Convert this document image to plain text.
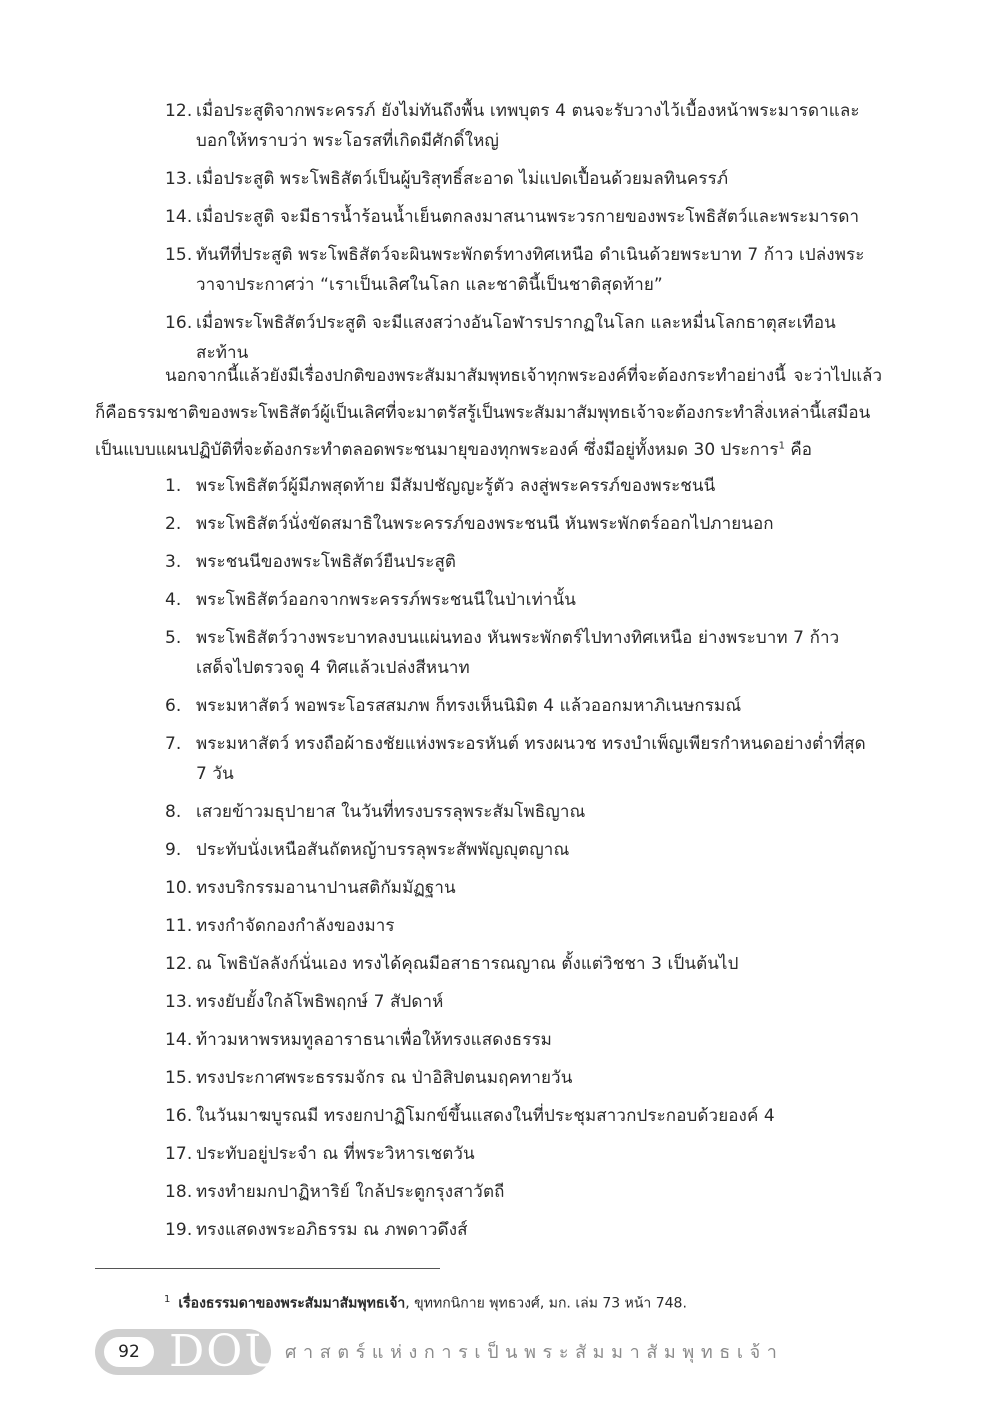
12. เมื่อประสูติจากพระครรภ์ ยังไม่ทันถึงพื้น เทพบุตร 4 ตนจะรับวางไว้เบื้องหน้าพระมารดาและบอกให้ทราบว่า พระโอรสที่เกิดมีศักดิ์ใหญ่
13. เมื่อประสูติ พระโพธิสัตว์เป็นผู้บริสุทธิ์สะอาด ไม่แปดเปื้อนด้วยมลทินครรภ์
14. เมื่อประสูติ จะมีธารน้ำร้อนน้ำเย็นตกลงมาสนานพระวรกายของพระโพธิสัตว์และพระมารดา
15. ทันทีที่ประสูติ พระโพธิสัตว์จะผินพระพักตร์ทางทิศเหนือ ดำเนินด้วยพระบาท 7 ก้าว เปล่งพระวาจาประกาศว่า “เราเป็นเลิศในโลก และชาตินี้เป็นชาติสุดท้าย”
16. เมื่อพระโพธิสัตว์ประสูติ จะมีแสงสว่างอันโอฬารปรากฏในโลก และหมื่นโลกธาตุสะเทือนสะท้าน

นอกจากนี้แล้วยังมีเรื่องปกติของพระสัมมาสัมพุทธเจ้าทุกพระองค์ที่จะต้องกระทำอย่างนี้ จะว่าไปแล้วก็คือธรรมชาติของพระโพธิสัตว์ผู้เป็นเลิศที่จะมาตรัสรู้เป็นพระสัมมาสัมพุทธเจ้าจะต้องกระทำสิ่งเหล่านี้เสมือนเป็นแบบแผนปฏิบัติที่จะต้องกระทำตลอดพระชนมายุของทุกพระองค์ ซึ่งมีอยู่ทั้งหมด 30 ประการ$^1$ คือ

1. พระโพธิสัตว์ผู้มีภพสุดท้าย มีสัมปชัญญะรู้ตัว ลงสู่พระครรภ์ของพระชนนี
2. พระโพธิสัตว์นั่งขัดสมาธิในพระครรภ์ของพระชนนี หันพระพักตร์ออกไปภายนอก
3. พระชนนีของพระโพธิสัตว์ยืนประสูติ
4. พระโพธิสัตว์ออกจากพระครรภ์พระชนนีในป่าเท่านั้น
5. พระโพธิสัตว์วางพระบาทลงบนแผ่นทอง หันพระพักตร์ไปทางทิศเหนือ ย่างพระบาท 7 ก้าว เสด็จไปตรวจดู 4 ทิศแล้วเปล่งสีหนาท
6. พระมหาสัตว์ พอพระโอรสสมภพ ก็ทรงเห็นนิมิต 4 แล้วออกมหาภิเนษกรมณ์
7. พระมหาสัตว์ ทรงถือผ้าธงชัยแห่งพระอรหันต์ ทรงผนวช ทรงบำเพ็ญเพียรกำหนดอย่างต่ำที่สุด 7 วัน
8. เสวยข้าวมธุปายาส ในวันที่ทรงบรรลุพระสัมโพธิญาณ
9. ประทับนั่งเหนือสันถัตหญ้าบรรลุพระสัพพัญญุตญาณ
10. ทรงบริกรรมอานาปานสติกัมมัฏฐาน
11. ทรงกำจัดกองกำลังของมาร
12. ณ โพธิบัลลังก์นั่นเอง ทรงได้คุณมีอสาธารณญาณ ตั้งแต่วิชชา 3 เป็นต้นไป
13. ทรงยับยั้งใกล้โพธิพฤกษ์ 7 สัปดาห์
14. ท้าวมหาพรหมทูลอาราธนาเพื่อให้ทรงแสดงธรรม
15. ทรงประกาศพระธรรมจักร ณ ป่าอิสิปตนมฤคทายวัน
16. ในวันมาฆบูรณมี ทรงยกปาฏิโมกข์ขึ้นแสดงในที่ประชุมสาวกประกอบด้วยองค์ 4
17. ประทับอยู่ประจำ ณ ที่พระวิหารเชตวัน
18. ทรงทำยมกปาฏิหาริย์ ใกล้ประตูกรุงสาวัตถี
19. ทรงแสดงพระอภิธรรม ณ ภพดาวดึงส์
$^1$ เรื่องธรรมดาของพระสัมมาสัมพุทธเจ้า, ขุททกนิกาย พุทธวงศ์, มก. เล่ม 73 หน้า 748.
92 DOU ศาสตร์แห่งการเป็นพระสัมมาสัมพุทธเจ้า
